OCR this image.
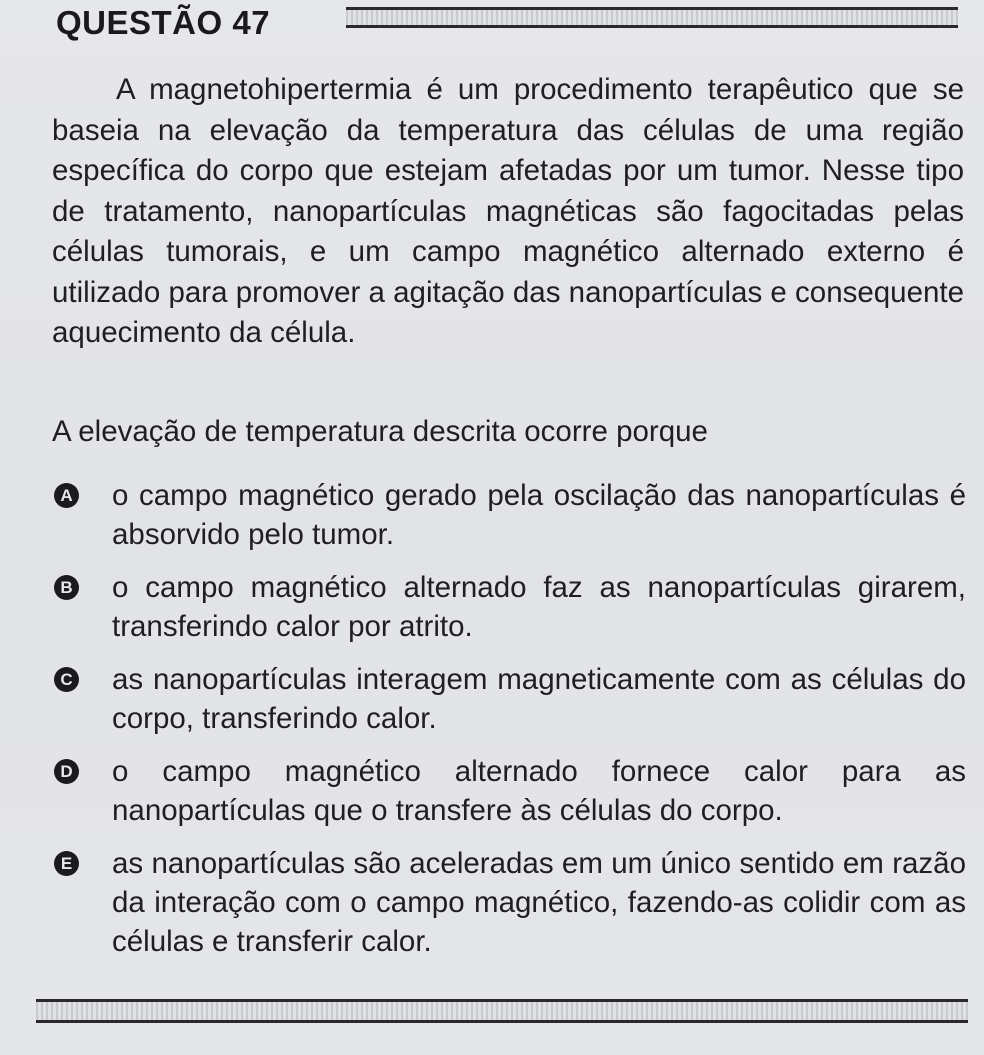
QUESTÃO 47

A magnetohipertermia é um procedimento terapêutico que se baseia na elevação da temperatura das células de uma região específica do corpo que estejam afetadas por um tumor. Nesse tipo de tratamento, nanopartículas magnéticas são fagocitadas pelas células tumorais, e um campo magnético alternado externo é utilizado para promover a agitação das nanopartículas e consequente aquecimento da célula.

A elevação de temperatura descrita ocorre porque

A o campo magnético gerado pela oscilação das nanopartículas é absorvido pelo tumor.
B o campo magnético alternado faz as nanopartículas girarem, transferindo calor por atrito.
C as nanopartículas interagem magneticamente com as células do corpo, transferindo calor.
D o campo magnético alternado fornece calor para as nanopartículas que o transfere às células do corpo.
E as nanopartículas são aceleradas em um único sentido em razão da interação com o campo magnético, fazendo-as colidir com as células e transferir calor.
